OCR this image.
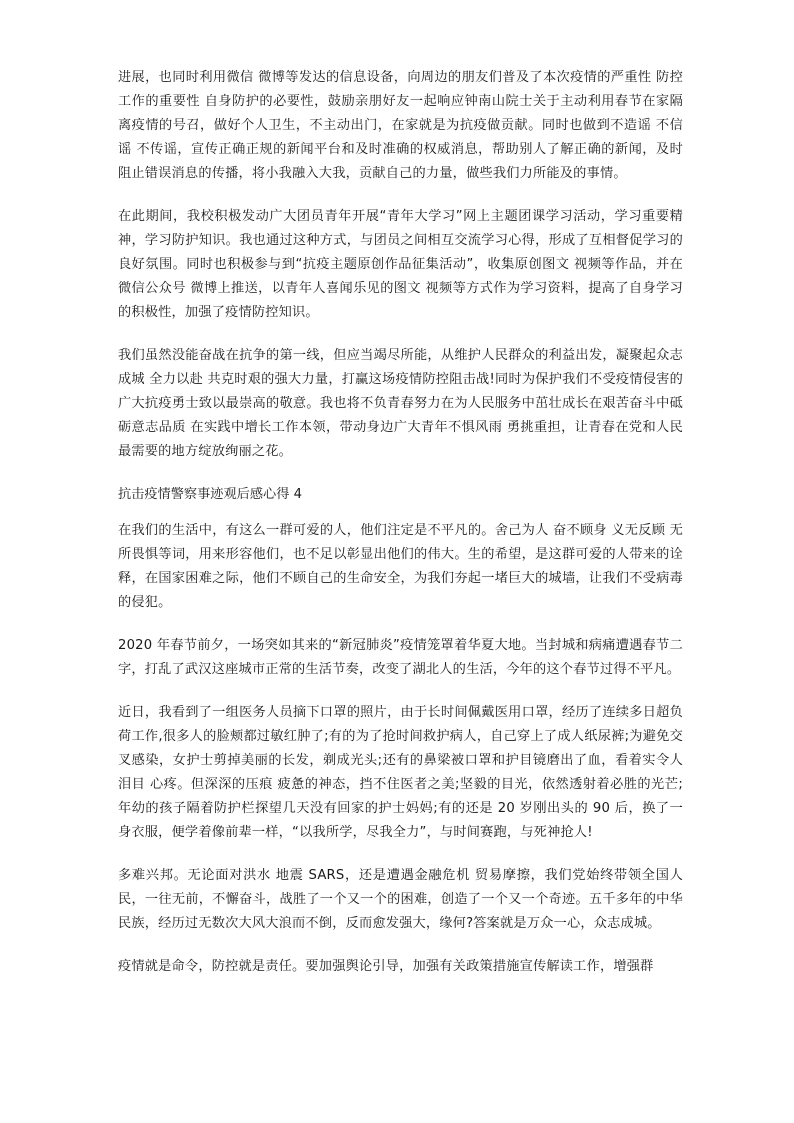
进展，也同时利用微信 微博等发达的信息设备，向周边的朋友们普及了本次疫情的严重性 防控工作的重要性 自身防护的必要性，鼓励亲朋好友一起响应钟南山院士关于主动利用春节在家隔离疫情的号召，做好个人卫生，不主动出门，在家就是为抗疫做贡献。同时也做到不造谣 不信谣 不传谣，宣传正确正规的新闻平台和及时准确的权威消息，帮助别人了解正确的新闻，及时阻止错误消息的传播，将小我融入大我，贡献自己的力量，做些我们力所能及的事情。

在此期间，我校积极发动广大团员青年开展“青年大学习”网上主题团课学习活动，学习重要精神，学习防护知识。我也通过这种方式，与团员之间相互交流学习心得，形成了互相督促学习的良好氛围。同时也积极参与到“抗疫主题原创作品征集活动”，收集原创图文 视频等作品，并在微信公众号 微博上推送，以青年人喜闻乐见的图文 视频等方式作为学习资料，提高了自身学习的积极性，加强了疫情防控知识。

我们虽然没能奋战在抗争的第一线，但应当竭尽所能，从维护人民群众的利益出发，凝聚起众志成城 全力以赴 共克时艰的强大力量，打赢这场疫情防控阻击战!同时为保护我们不受疫情侵害的广大抗疫勇士致以最崇高的敬意。我也将不负青春努力在为人民服务中茁壮成长在艰苦奋斗中砥砺意志品质 在实践中增长工作本领，带动身边广大青年不惧风雨 勇挑重担，让青春在党和人民最需要的地方绽放绚丽之花。

抗击疫情警察事迹观后感心得 4

在我们的生活中，有这么一群可爱的人，他们注定是不平凡的。舍己为人 奋不顾身 义无反顾 无所畏惧等词，用来形容他们，也不足以彰显出他们的伟大。生的希望，是这群可爱的人带来的诠释，在国家困难之际，他们不顾自己的生命安全，为我们夯起一堵巨大的城墙，让我们不受病毒的侵犯。

2020 年春节前夕，一场突如其来的“新冠肺炎”疫情笼罩着华夏大地。当封城和病痛遭遇春节二字，打乱了武汉这座城市正常的生活节奏，改变了湖北人的生活，今年的这个春节过得不平凡。

近日，我看到了一组医务人员摘下口罩的照片，由于长时间佩戴医用口罩，经历了连续多日超负荷工作,很多人的脸颊都过敏红肿了;有的为了抢时间救护病人，自己穿上了成人纸尿裤;为避免交叉感染，女护士剪掉美丽的长发，剃成光头;还有的鼻梁被口罩和护目镜磨出了血，看着实令人泪目 心疼。但深深的压痕 疲惫的神态，挡不住医者之美;坚毅的目光，依然透射着必胜的光芒;年幼的孩子隔着防护栏探望几天没有回家的护士妈妈;有的还是 20 岁刚出头的 90 后，换了一身衣服，便学着像前辈一样，“以我所学，尽我全力”，与时间赛跑，与死神抢人!

多难兴邦。无论面对洪水 地震 SARS，还是遭遇金融危机 贸易摩擦，我们党始终带领全国人民，一往无前，不懈奋斗，战胜了一个又一个的困难，创造了一个又一个奇迹。五千多年的中华民族，经历过无数次大风大浪而不倒，反而愈发强大，缘何?答案就是万众一心，众志成城。

疫情就是命令，防控就是责任。要加强舆论引导，加强有关政策措施宣传解读工作，增强群
